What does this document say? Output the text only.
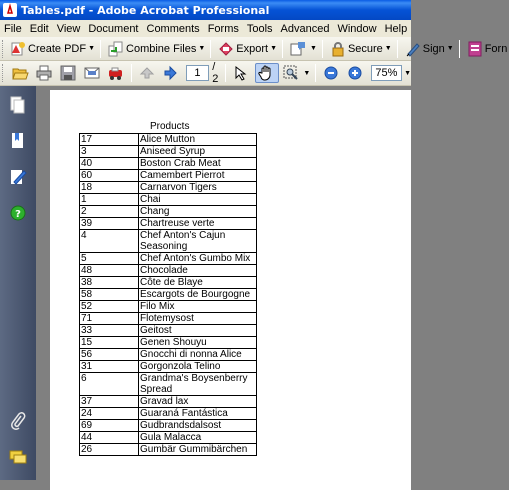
Tables.pdf - Adobe Acrobat Professional
File Edit View Document Comments Forms Tools Advanced Window Help
Create PDF ▼	Combine Files ▼	Export ▼	▼	Secure ▼	Sign ▼	Forn
1	/ 2	▼	75% ▼
?
Products
17	Alice Mutton
3	Aniseed Syrup
40	Boston Crab Meat
60	Camembert Pierrot
18	Carnarvon Tigers
1	Chai
2	Chang
39	Chartreuse verte
4	Chef Anton's Cajun Seasoning
5	Chef Anton's Gumbo Mix
48	Chocolade
38	Côte de Blaye
58	Escargots de Bourgogne
52	Filo Mix
71	Flotemysost
33	Geitost
15	Genen Shouyu
56	Gnocchi di nonna Alice
31	Gorgonzola Telino
6	Grandma's Boysenberry Spread
37	Gravad lax
24	Guaraná Fantástica
69	Gudbrandsdalsost
44	Gula Malacca
26	Gumbär Gummibärchen
